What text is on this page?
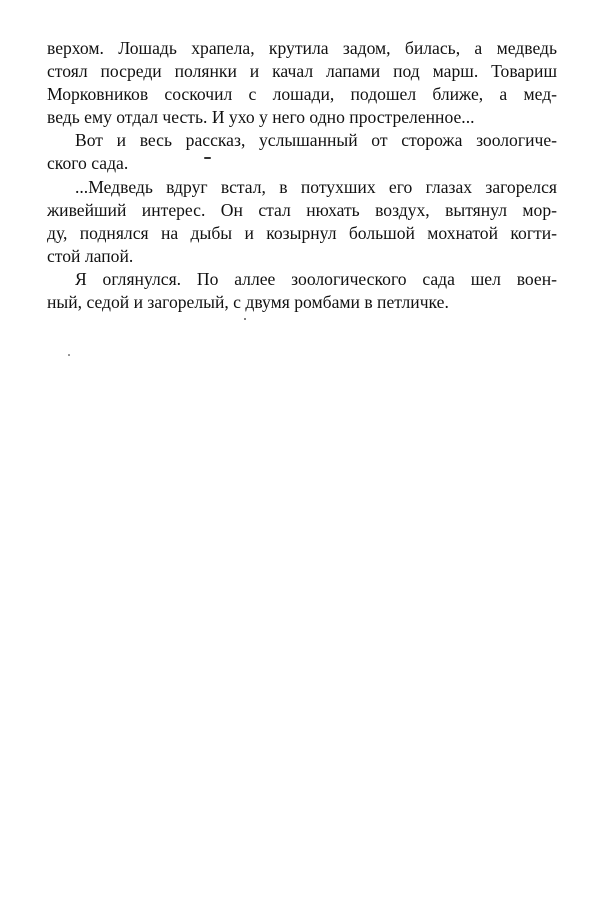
верхом. Лошадь храпела, крутила задом, билась, а медведь
стоял посреди полянки и качал лапами под марш. Товариш
Морковников соскочил с лошади, подошел ближе, а мед-
ведь ему отдал честь. И ухо у него одно простреленное...
Вот и весь рассказ, услышанный от сторожа зоологиче-
ского сада.
...Медведь вдруг встал, в потухших его глазах загорелся
живейший интерес. Он стал нюхать воздух, вытянул мор-
ду, поднялся на дыбы и козырнул большой мохнатой когти-
стой лапой.
Я оглянулся. По аллее зоологического сада шел воен-
ный, седой и загорелый, с двумя ромбами в петличке.
